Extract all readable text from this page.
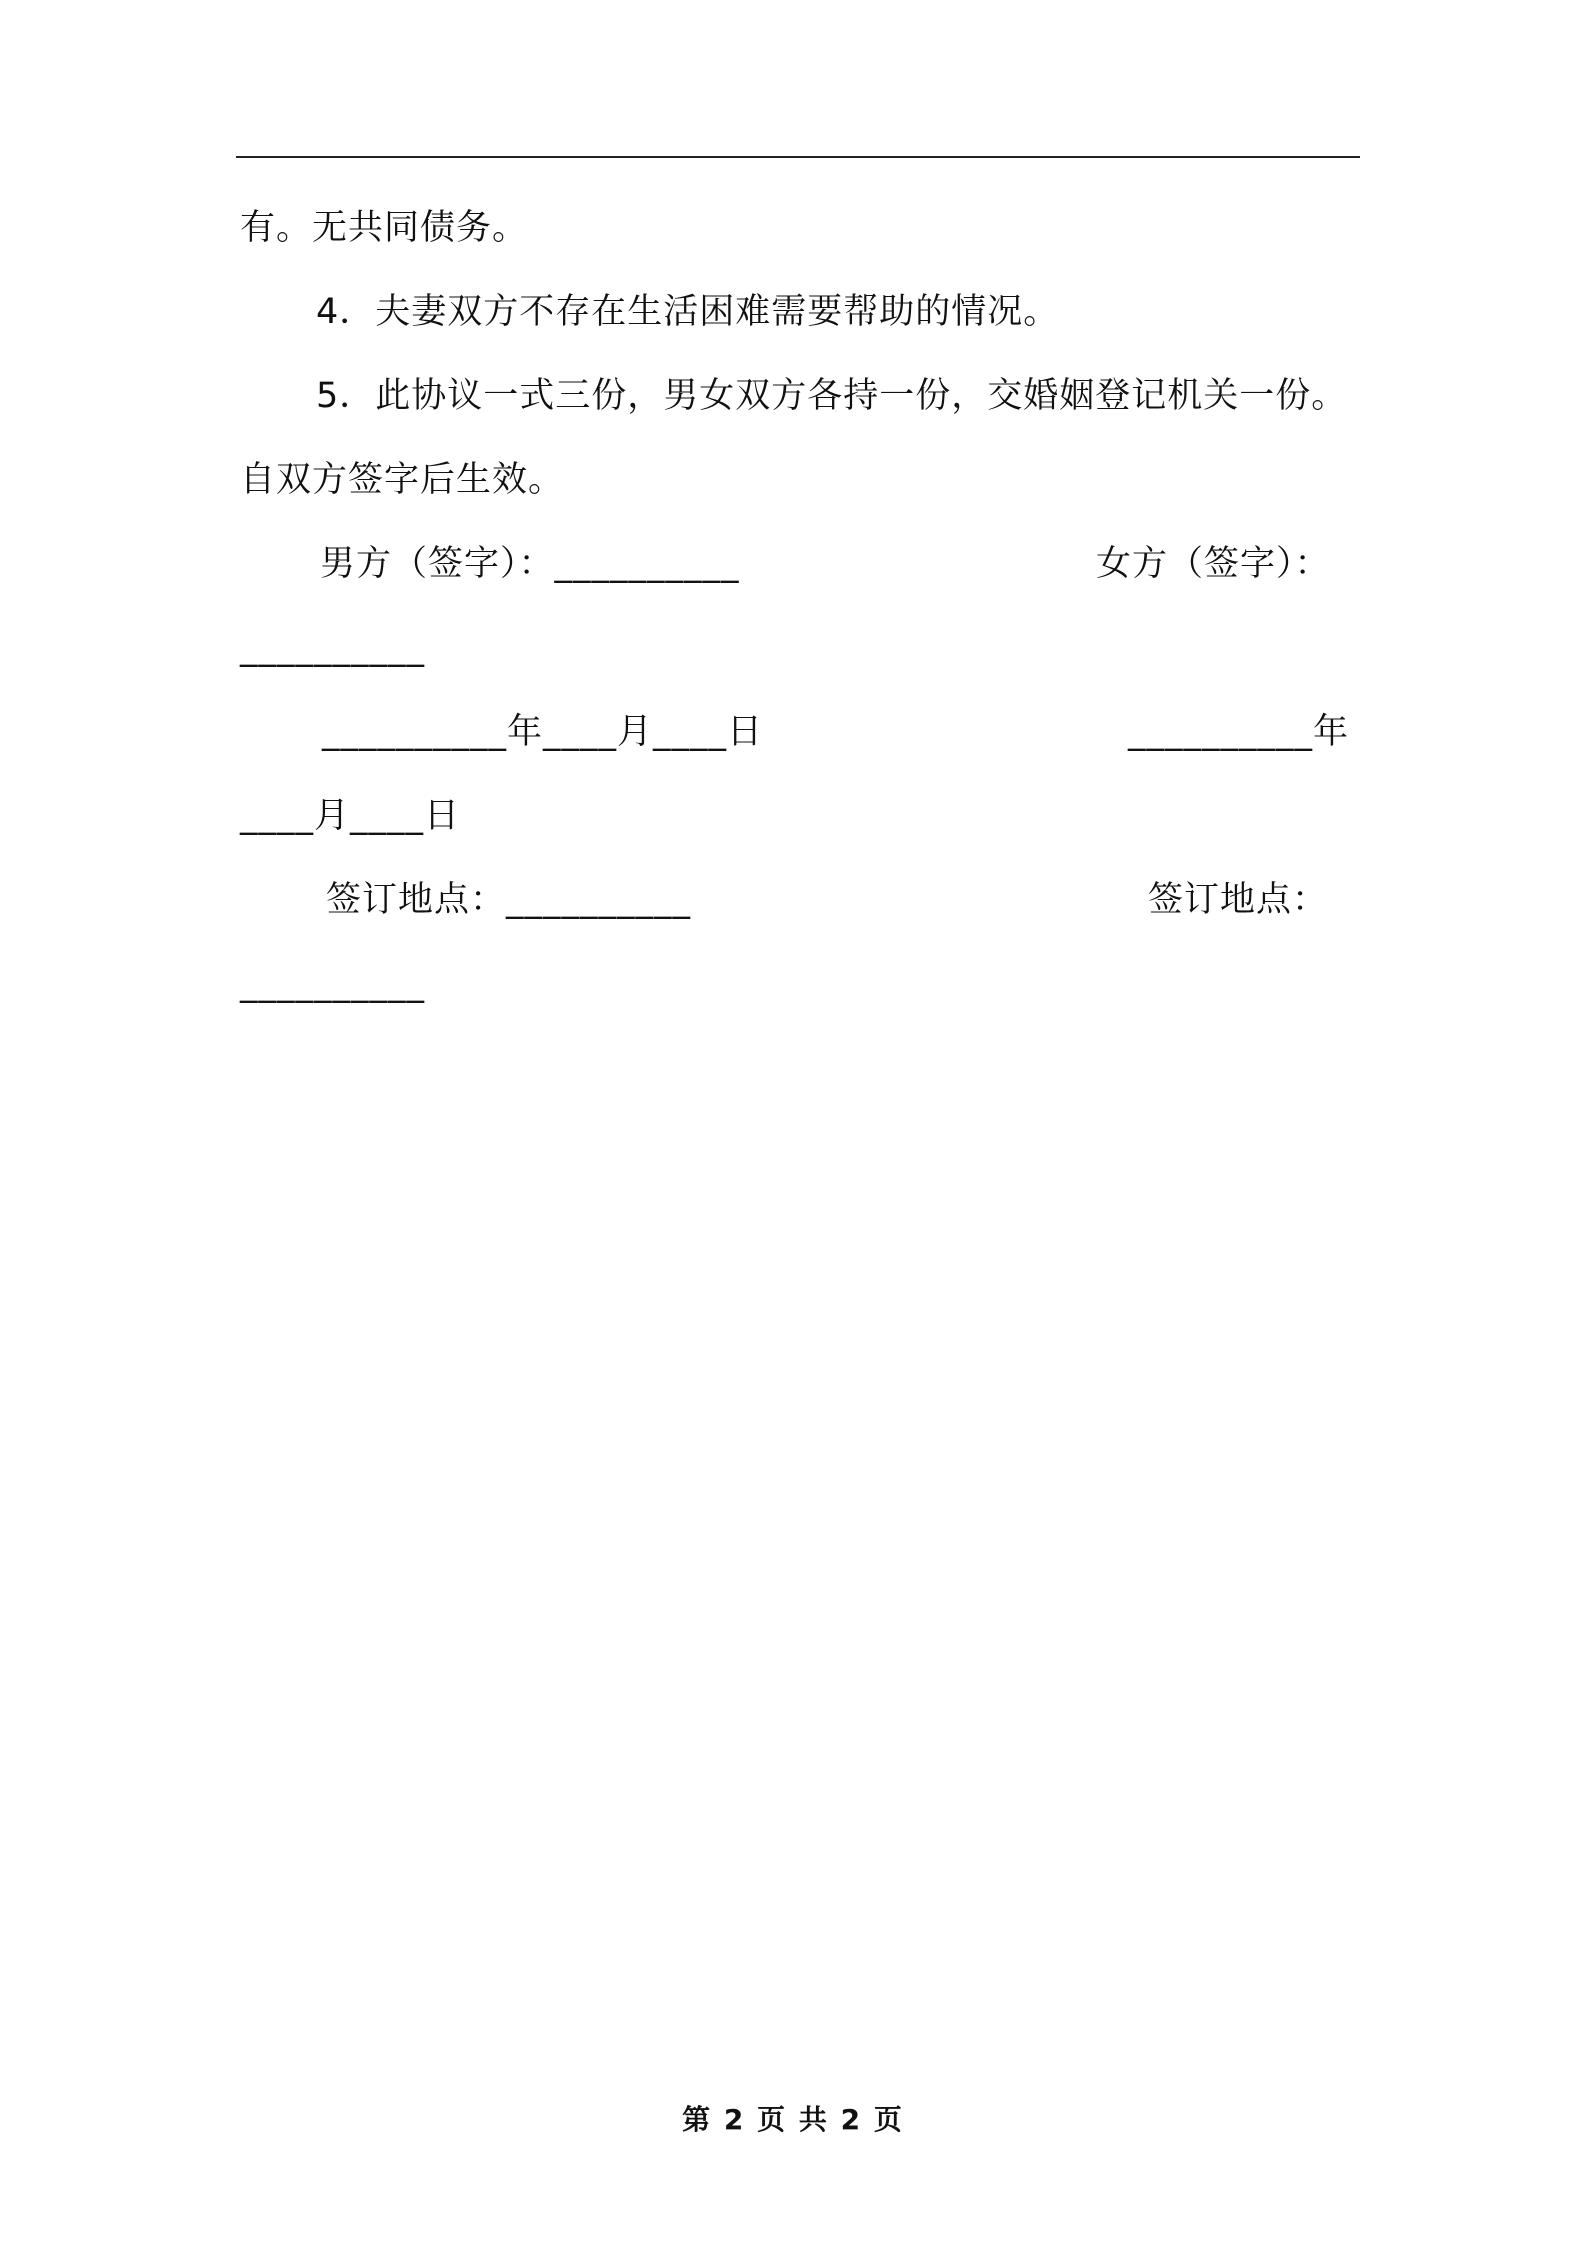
有。无共同债务。
4．夫妻双方不存在生活困难需要帮助的情况。
5．此协议一式三份，男女双方各持一份，交婚姻登记机关一份。
自双方签字后生效。
男方（签字）：__________	女方（签字）：
__________
__________年____月____日	__________年
____月____日
签订地点：__________	签订地点：
__________
第 2 页 共 2 页
